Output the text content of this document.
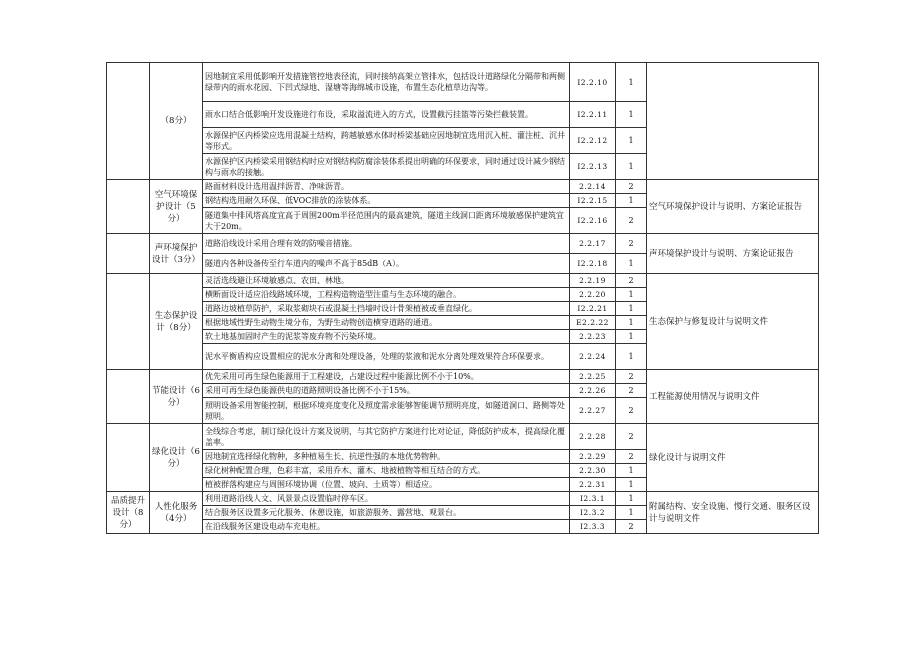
	（8分）	因地制宜采用低影响开发措施管控地表径流，同时接纳高架立管排水，包括设计道路绿化分隔带和两侧绿带内的雨水花园、下凹式绿地、湿塘等海绵城市设施，布置生态化植草边沟等。	I2.2.10	1	
		雨水口结合低影响开发设施进行布设，采取溢流进入的方式，设置截污挂篮等污染拦截装置。	I2.2.11	1	
		水源保护区内桥梁应选用混凝土结构，跨越敏感水体时桥梁基础应因地制宜选用沉入桩、灌注桩、沉井等形式。	I2.2.12	1	
		水源保护区内桥梁采用钢结构时应对钢结构防腐涂装体系提出明确的环保要求，同时通过设计减少钢结构与雨水的接触。	I2.2.13	1	
	空气环境保护设计（5分）	路面材料设计选用温拌沥青、净味沥青。	2.2.14	2	空气环境保护设计与说明、方案论证报告
		钢结构选用耐久环保、低VOC排放的涂装体系。	I2.2.15	1	
		隧道集中排风塔高度宜高于周围200m半径范围内的最高建筑，隧道主线洞口距离环境敏感保护建筑宜大于20m。	I2.2.16	2	
	声环境保护设计（3分）	道路沿线设计采用合理有效的防噪音措施。	2.2.17	2	声环境保护设计与说明、方案论证报告
		隧道内各种设备传至行车道内的噪声不高于85dB（A）。	I2.2.18	1	
	生态保护设计（8分）	灵活选线避让环境敏感点、农田、林地。	2.2.19	2	生态保护与修复设计与说明文件
		横断面设计适应沿线路域环境，工程构造物造型注重与生态环境的融合。	2.2.20	1	
		道路边坡植草防护，采取浆砌块石或混凝土挡墙时设计骨架植被或垂直绿化。	I2.2.21	1	
		根据地域性野生动物生境分布，为野生动物创造横穿道路的通道。	E2.2.22	1	
		软土地基加固时产生的泥浆等废弃物不污染环境。	2.2.23	1	
		泥水平衡盾构应设置相应的泥水分离和处理设备，处理的浆液和泥水分离处理效果符合环保要求。	2.2.24	1	
	节能设计（6分）	优先采用可再生绿色能源用于工程建设，占建设过程中能源比例不小于10%。	2.2.25	2	工程能源使用情况与说明文件
		采用可再生绿色能源供电的道路照明设备比例不小于15%。	2.2.26	2	
		照明设备采用智能控制，根据环境亮度变化及照度需求能够智能调节照明亮度，如隧道洞口、路侧等处照明。	2.2.27	2	
	绿化设计（6分）	全线综合考虑，制订绿化设计方案及说明，与其它防护方案进行比对论证，降低防护成本，提高绿化覆盖率。	2.2.28	2	绿化设计与说明文件
		因地制宜选择绿化物种，多种植易生长、抗逆性强的本地优势物种。	2.2.29	2	
		绿化树种配置合理，色彩丰富，采用乔木、灌木、地被植物等相互结合的方式。	2.2.30	1	
		植被群落构建应与周围环境协调（位置、坡向、土质等）相适应。	2.2.31	1	
品质提升设计（8分）	人性化服务（4分）	利用道路沿线人文、风景景点设置临时停车区。	I2.3.1	1	附属结构、安全设施、慢行交通、服务区设计与说明文件
		结合服务区设置多元化服务、休憩设施，如旅游服务、露营地、观景台。	I2.3.2	1	
		在沿线服务区建设电动车充电桩。	I2.3.3	2	
